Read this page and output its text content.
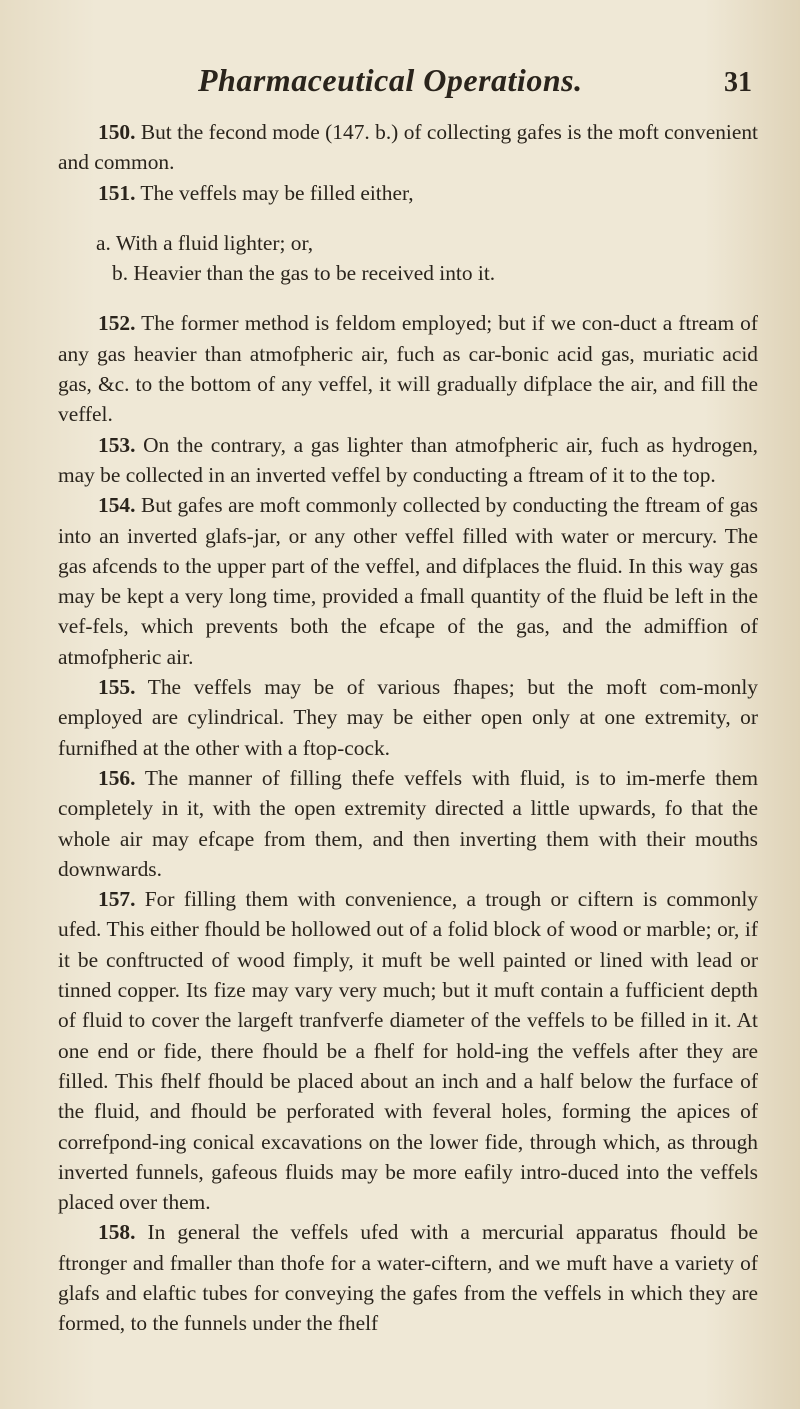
Pharmaceutical Operations.	31

150. But the fecond mode (147. b.) of collecting gafes is the moft convenient and common.

151. The veffels may be filled either,

a. With a fluid lighter; or,

b. Heavier than the gas to be received into it.

152. The former method is feldom employed; but if we con-duct a ftream of any gas heavier than atmofpheric air, fuch as car-bonic acid gas, muriatic acid gas, &c. to the bottom of any veffel, it will gradually difplace the air, and fill the veffel.

153. On the contrary, a gas lighter than atmofpheric air, fuch as hydrogen, may be collected in an inverted veffel by conducting a ftream of it to the top.

154. But gafes are moft commonly collected by conducting the ftream of gas into an inverted glafs-jar, or any other veffel filled with water or mercury. The gas afcends to the upper part of the veffel, and difplaces the fluid. In this way gas may be kept a very long time, provided a fmall quantity of the fluid be left in the vef-fels, which prevents both the efcape of the gas, and the admiffion of atmofpheric air.

155. The veffels may be of various fhapes; but the moft com-monly employed are cylindrical. They may be either open only at one extremity, or furnifhed at the other with a ftop-cock.

156. The manner of filling thefe veffels with fluid, is to im-merfe them completely in it, with the open extremity directed a little upwards, fo that the whole air may efcape from them, and then inverting them with their mouths downwards.

157. For filling them with convenience, a trough or ciftern is commonly ufed. This either fhould be hollowed out of a folid block of wood or marble; or, if it be conftructed of wood fimply, it muft be well painted or lined with lead or tinned copper. Its fize may vary very much; but it muft contain a fufficient depth of fluid to cover the largeft tranfverfe diameter of the veffels to be filled in it. At one end or fide, there fhould be a fhelf for hold-ing the veffels after they are filled. This fhelf fhould be placed about an inch and a half below the furface of the fluid, and fhould be perforated with feveral holes, forming the apices of correfpond-ing conical excavations on the lower fide, through which, as through inverted funnels, gafeous fluids may be more eafily intro-duced into the veffels placed over them.

158. In general the veffels ufed with a mercurial apparatus fhould be ftronger and fmaller than thofe for a water-ciftern, and we muft have a variety of glafs and elaftic tubes for conveying the gafes from the veffels in which they are formed, to the funnels under the fhelf
